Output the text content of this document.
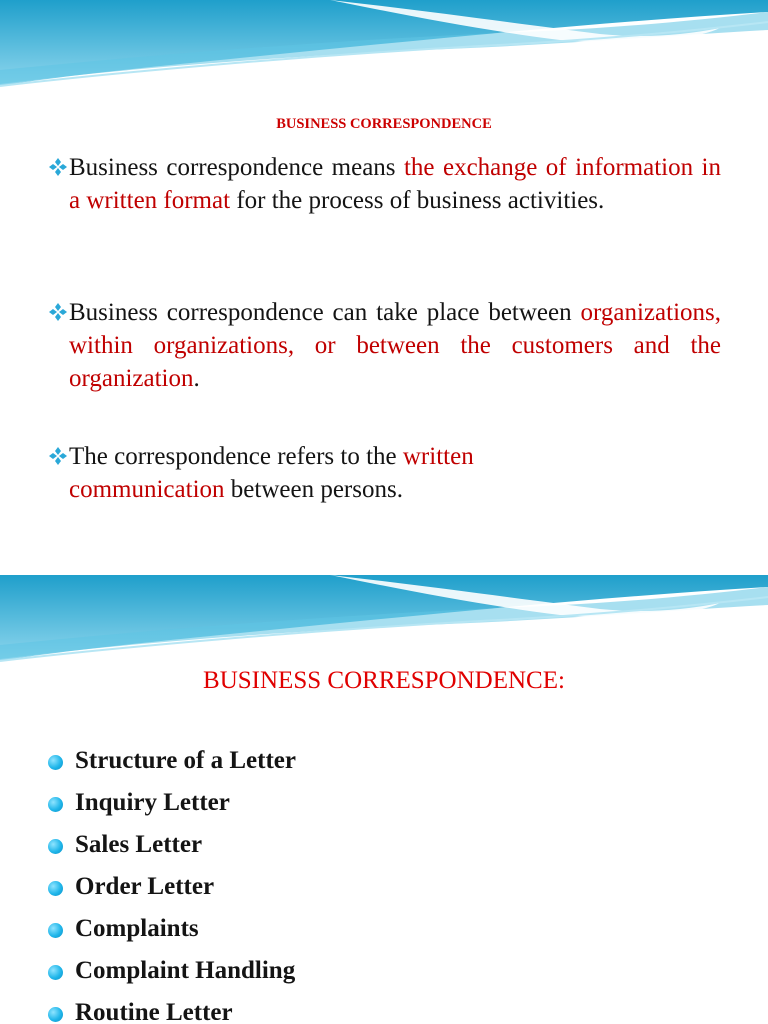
BUSINESS CORRESPONDENCE
Business correspondence means the exchange of information in a written format for the process of business activities.
Business correspondence can take place between organizations, within organizations, or between the customers and the organization.
The correspondence refers to the written communication between persons.
BUSINESS CORRESPONDENCE:
Structure of a Letter
Inquiry Letter
Sales Letter
Order Letter
Complaints
Complaint Handling
Routine Letter
